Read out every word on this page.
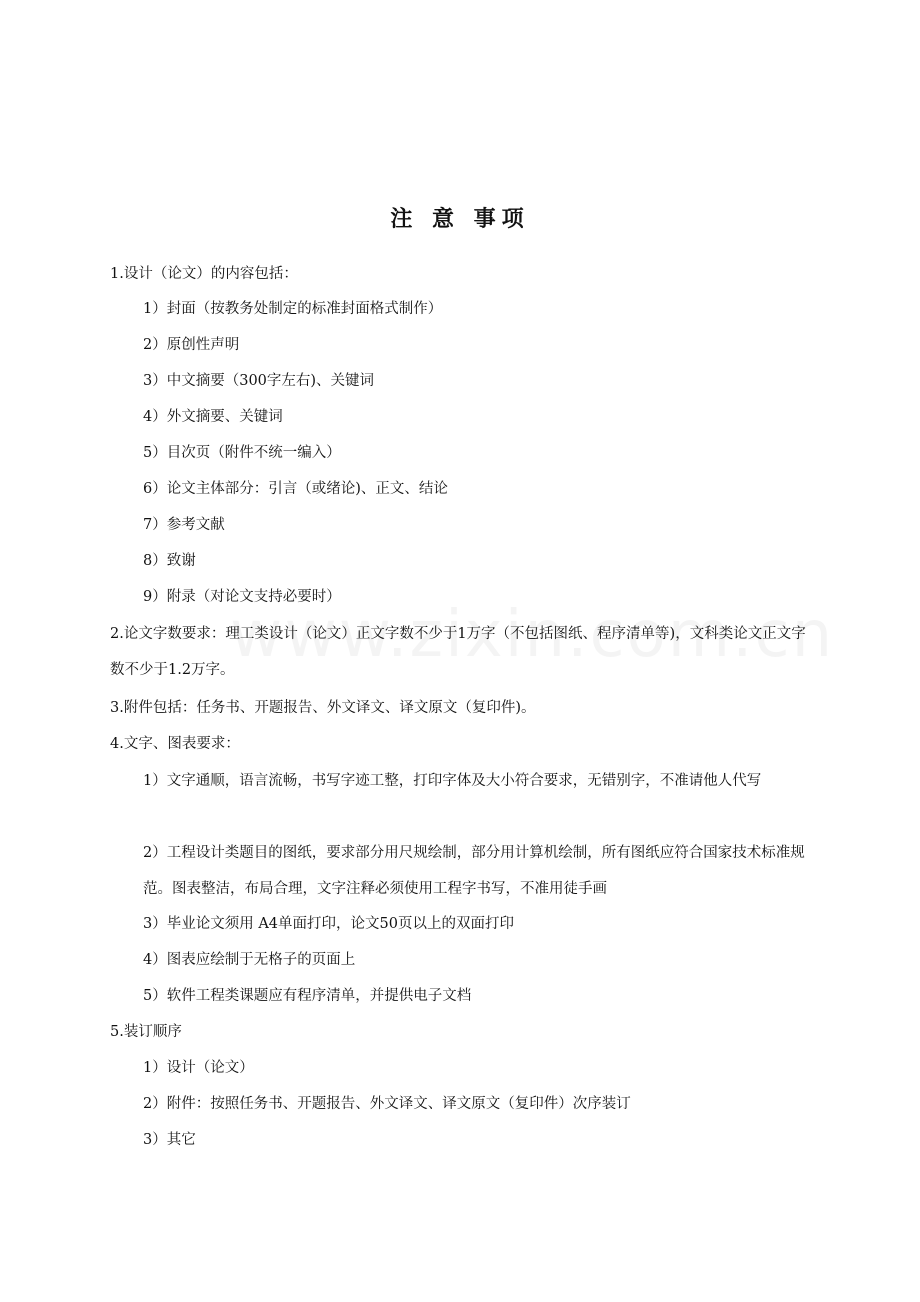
注 意 事项
1.设计（论文）的内容包括：
1）封面（按教务处制定的标准封面格式制作）
2）原创性声明
3）中文摘要（300字左右)、关键词
4）外文摘要、关键词
5）目次页（附件不统一编入）
6）论文主体部分：引言（或绪论)、正文、结论
7）参考文献
8）致谢
9）附录（对论文支持必要时）
2.论文字数要求：理工类设计（论文）正文字数不少于1万字（不包括图纸、程序清单等)，文科类论文正文字数不少于1.2万字。
3.附件包括：任务书、开题报告、外文译文、译文原文（复印件)。
4.文字、图表要求：
1）文字通顺，语言流畅，书写字迹工整，打印字体及大小符合要求，无错别字，不准请他人代写
2）工程设计类题目的图纸，要求部分用尺规绘制，部分用计算机绘制，所有图纸应符合国家技术标准规范。图表整洁，布局合理，文字注释必须使用工程字书写，不准用徒手画
3）毕业论文须用 A4单面打印，论文50页以上的双面打印
4）图表应绘制于无格子的页面上
5）软件工程类课题应有程序清单，并提供电子文档
5.装订顺序
1）设计（论文）
2）附件：按照任务书、开题报告、外文译文、译文原文（复印件）次序装订
3）其它
